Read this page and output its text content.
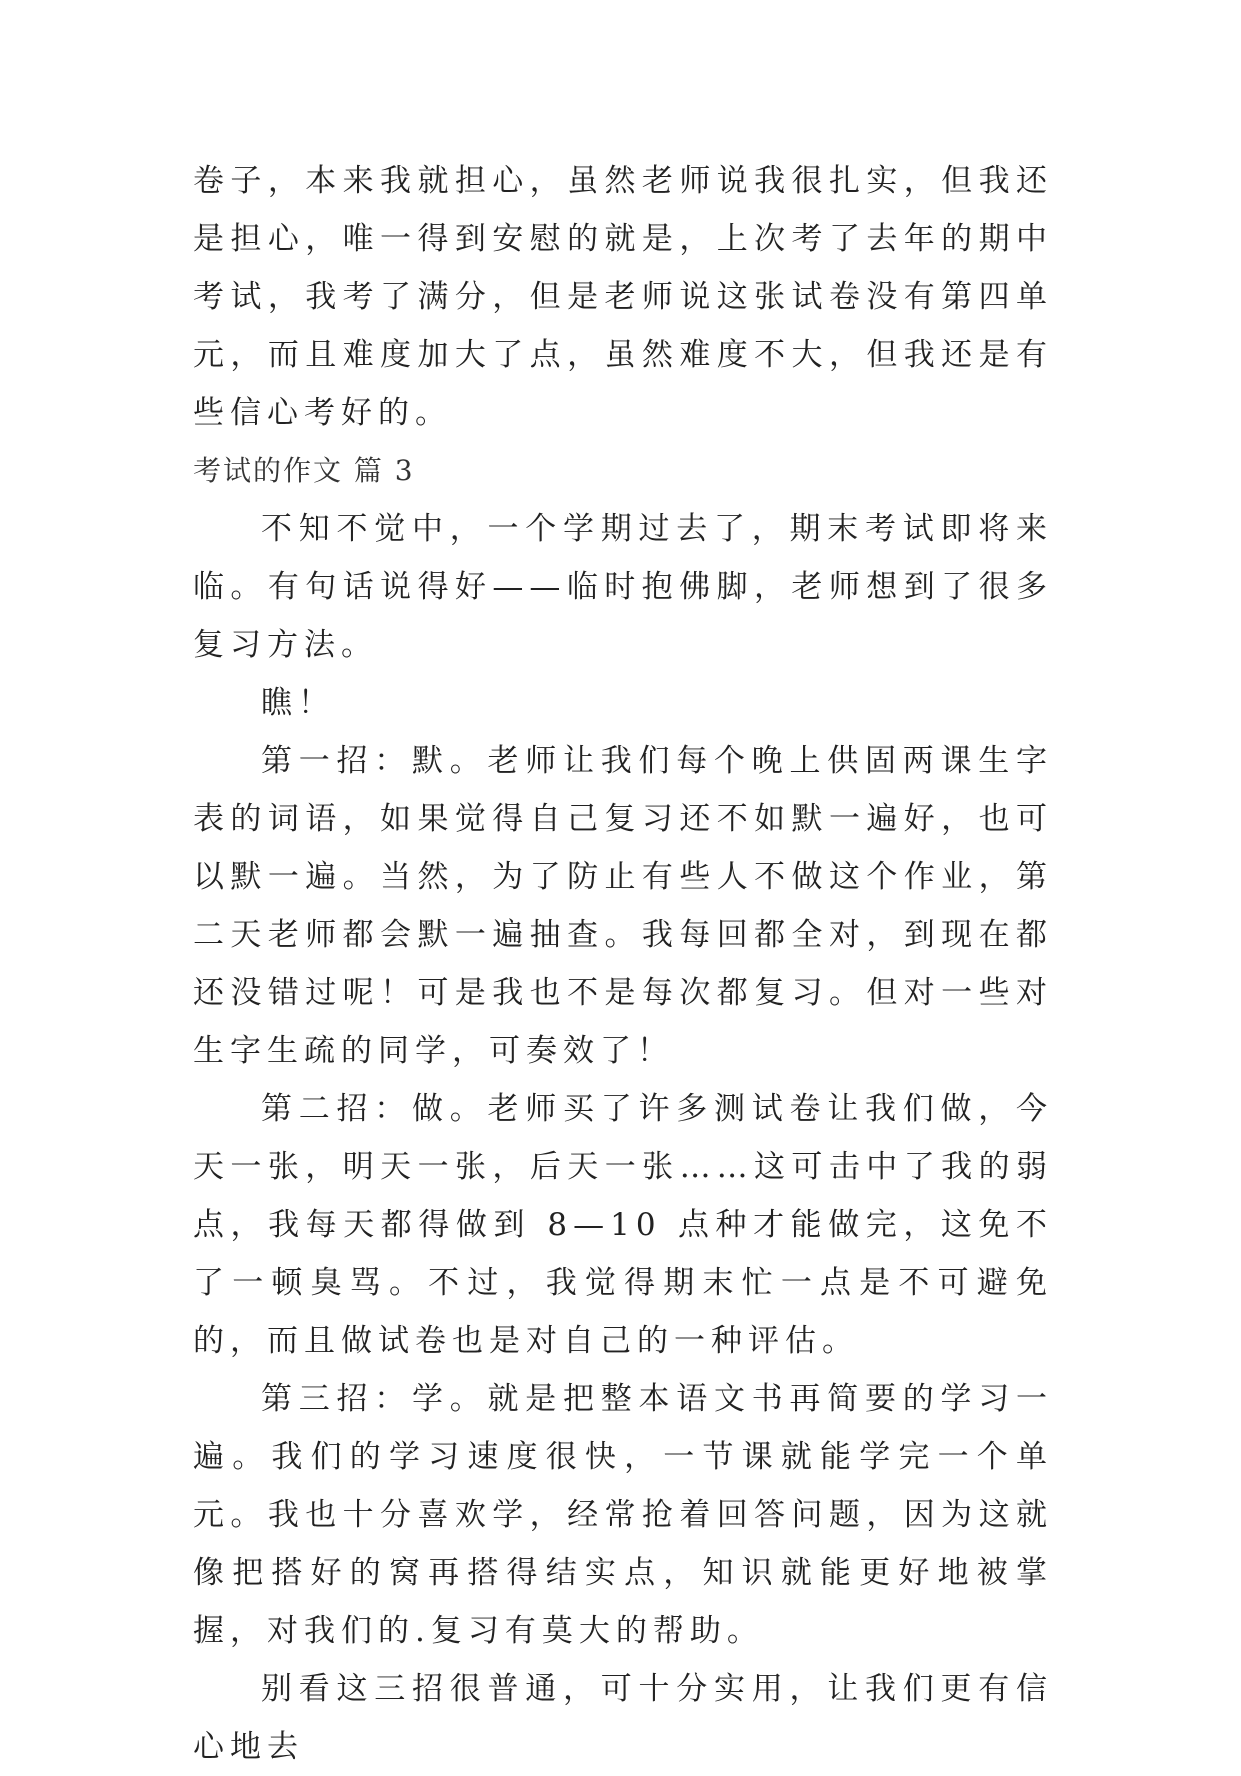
卷子，本来我就担心，虽然老师说我很扎实，但我还是担心，唯一得到安慰的就是，上次考了去年的期中考试，我考了满分，但是老师说这张试卷没有第四单元，而且难度加大了点，虽然难度不大，但我还是有些信心考好的。

考试的作文 篇 3

不知不觉中，一个学期过去了，期末考试即将来临。有句话说得好——临时抱佛脚，老师想到了很多复习方法。

瞧！

第一招：默。老师让我们每个晚上供固两课生字表的词语，如果觉得自己复习还不如默一遍好，也可以默一遍。当然，为了防止有些人不做这个作业，第二天老师都会默一遍抽查。我每回都全对，到现在都还没错过呢！可是我也不是每次都复习。但对一些对生字生疏的同学，可奏效了！

第二招：做。老师买了许多测试卷让我们做，今天一张，明天一张，后天一张……这可击中了我的弱点，我每天都得做到 8—10 点种才能做完，这免不了一顿臭骂。不过，我觉得期末忙一点是不可避免的，而且做试卷也是对自己的一种评估。

第三招：学。就是把整本语文书再简要的学习一遍。我们的学习速度很快，一节课就能学完一个单元。我也十分喜欢学，经常抢着回答问题，因为这就像把搭好的窝再搭得结实点，知识就能更好地被掌握，对我们的.复习有莫大的帮助。

别看这三招很普通，可十分实用，让我们更有信心地去
